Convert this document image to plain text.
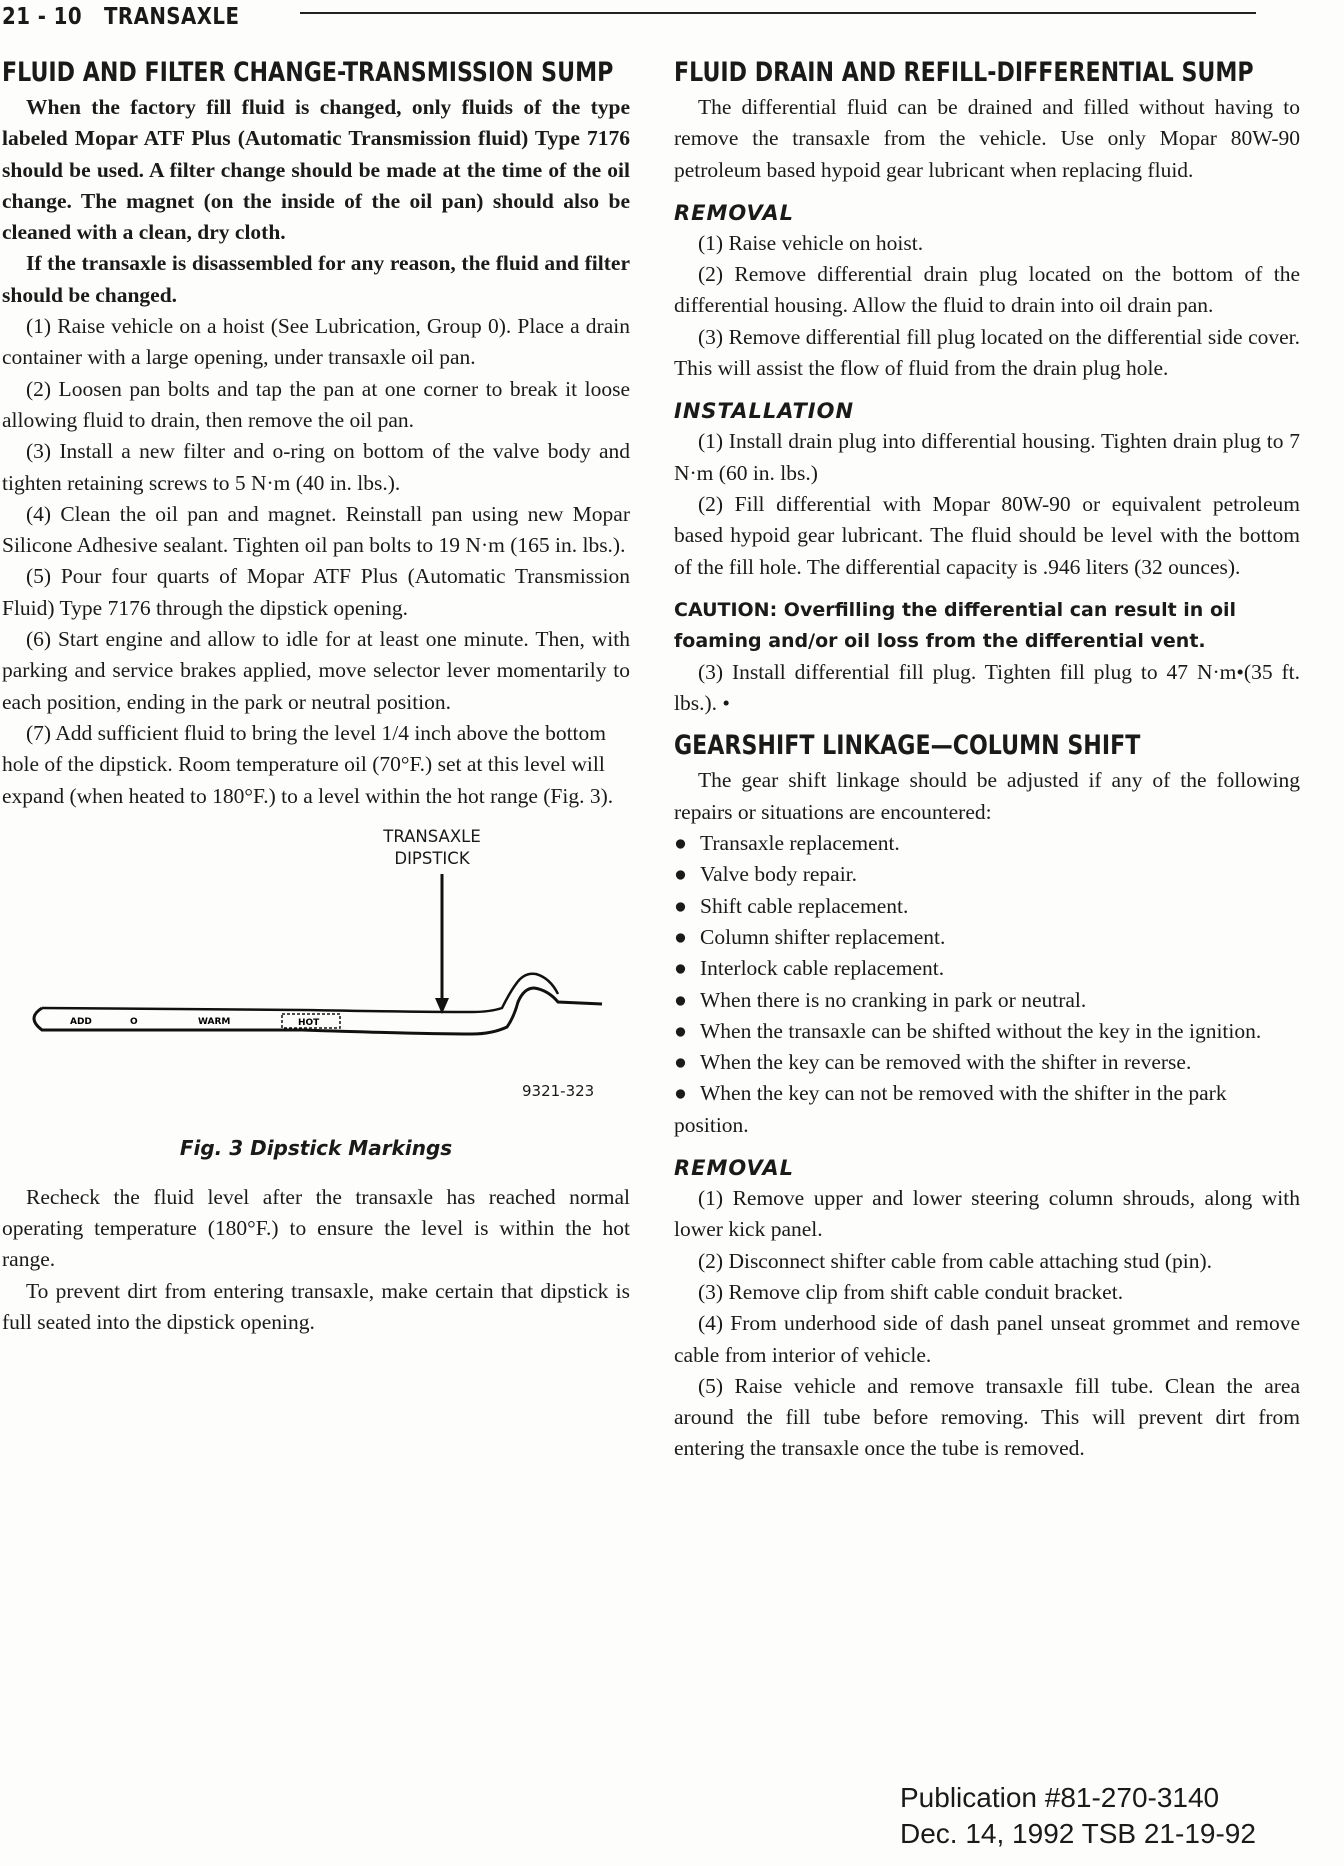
21 - 10 TRANSAXLE
FLUID AND FILTER CHANGE-TRANSMISSION SUMP

When the factory fill fluid is changed, only fluids of the type labeled Mopar ATF Plus (Automatic Transmission fluid) Type 7176 should be used. A filter change should be made at the time of the oil change. The magnet (on the inside of the oil pan) should also be cleaned with a clean, dry cloth.

If the transaxle is disassembled for any reason, the fluid and filter should be changed.

(1) Raise vehicle on a hoist (See Lubrication, Group 0). Place a drain container with a large opening, under transaxle oil pan.

(2) Loosen pan bolts and tap the pan at one corner to break it loose allowing fluid to drain, then remove the oil pan.

(3) Install a new filter and o-ring on bottom of the valve body and tighten retaining screws to 5 N·m (40 in. lbs.).

(4) Clean the oil pan and magnet. Reinstall pan using new Mopar Silicone Adhesive sealant. Tighten oil pan bolts to 19 N·m (165 in. lbs.).

(5) Pour four quarts of Mopar ATF Plus (Automatic Transmission Fluid) Type 7176 through the dipstick opening.

(6) Start engine and allow to idle for at least one minute. Then, with parking and service brakes applied, move selector lever momentarily to each position, ending in the park or neutral position.

(7) Add sufficient fluid to bring the level 1/4 inch above the bottom hole of the dipstick. Room temperature oil (70°F.) set at this level will expand (when heated to 180°F.) to a level within the hot range (Fig. 3).

TRANSAXLE
DIPSTICK
ADD	O	WARM	HOT
9321-323
Fig. 3 Dipstick Markings

Recheck the fluid level after the transaxle has reached normal operating temperature (180°F.) to ensure the level is within the hot range.

To prevent dirt from entering transaxle, make certain that dipstick is full seated into the dipstick opening.

FLUID DRAIN AND REFILL-DIFFERENTIAL SUMP

The differential fluid can be drained and filled without having to remove the transaxle from the vehicle. Use only Mopar 80W-90 petroleum based hypoid gear lubricant when replacing fluid.

REMOVAL

(1) Raise vehicle on hoist.

(2) Remove differential drain plug located on the bottom of the differential housing. Allow the fluid to drain into oil drain pan.

(3) Remove differential fill plug located on the differential side cover. This will assist the flow of fluid from the drain plug hole.

INSTALLATION

(1) Install drain plug into differential housing. Tighten drain plug to 7 N·m (60 in. lbs.)

(2) Fill differential with Mopar 80W-90 or equivalent petroleum based hypoid gear lubricant. The fluid should be level with the bottom of the fill hole. The differential capacity is .946 liters (32 ounces).

CAUTION: Overfilling the differential can result in oil foaming and/or oil loss from the differential vent.

(3) Install differential fill plug. Tighten fill plug to 47 N·m•(35 ft. lbs.). •

GEARSHIFT LINKAGE—COLUMN SHIFT

The gear shift linkage should be adjusted if any of the following repairs or situations are encountered:

● Transaxle replacement.
● Valve body repair.
● Shift cable replacement.
● Column shifter replacement.
● Interlock cable replacement.
● When there is no cranking in park or neutral.
● When the transaxle can be shifted without the key in the ignition.
● When the key can be removed with the shifter in reverse.
● When the key can not be removed with the shifter in the park position.
REMOVAL

(1) Remove upper and lower steering column shrouds, along with lower kick panel.

(2) Disconnect shifter cable from cable attaching stud (pin).

(3) Remove clip from shift cable conduit bracket.

(4) From underhood side of dash panel unseat grommet and remove cable from interior of vehicle.

(5) Raise vehicle and remove transaxle fill tube. Clean the area around the fill tube before removing. This will prevent dirt from entering the transaxle once the tube is removed.

Publication #81-270-3140
Dec. 14, 1992 TSB 21-19-92
